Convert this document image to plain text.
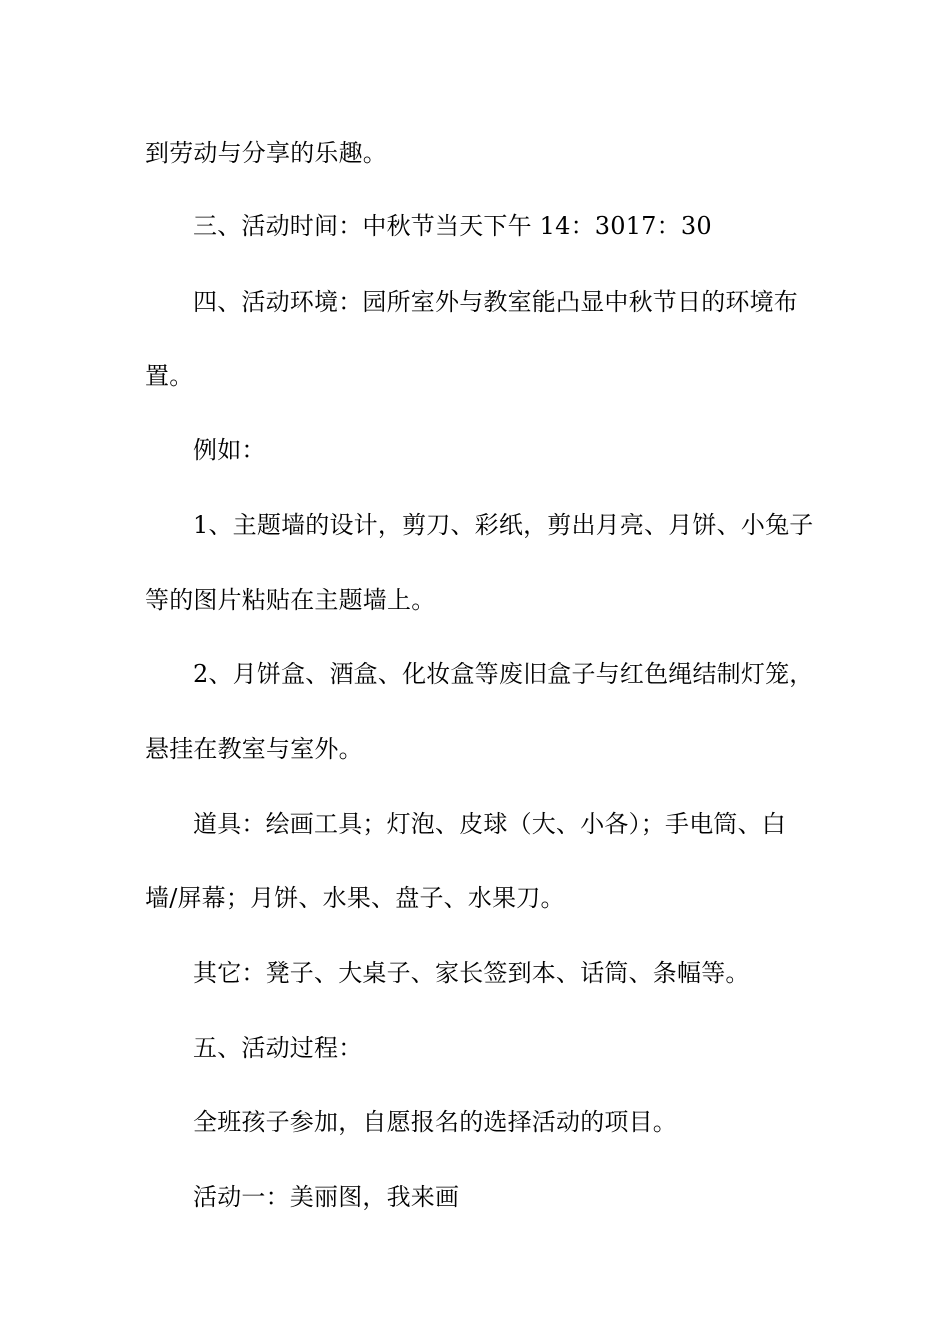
到劳动与分享的乐趣。
三、活动时间：中秋节当天下午 14：3017：30
四、活动环境：园所室外与教室能凸显中秋节日的环境布
置。
例如：
1、主题墙的设计，剪刀、彩纸，剪出月亮、月饼、小兔子
等的图片粘贴在主题墙上。
2、月饼盒、酒盒、化妆盒等废旧盒子与红色绳结制灯笼，
悬挂在教室与室外。
道具：绘画工具；灯泡、皮球（大、小各）；手电筒、白
墙/屏幕；月饼、水果、盘子、水果刀。
其它：凳子、大桌子、家长签到本、话筒、条幅等。
五、活动过程：
全班孩子参加，自愿报名的选择活动的项目。
活动一：美丽图，我来画
